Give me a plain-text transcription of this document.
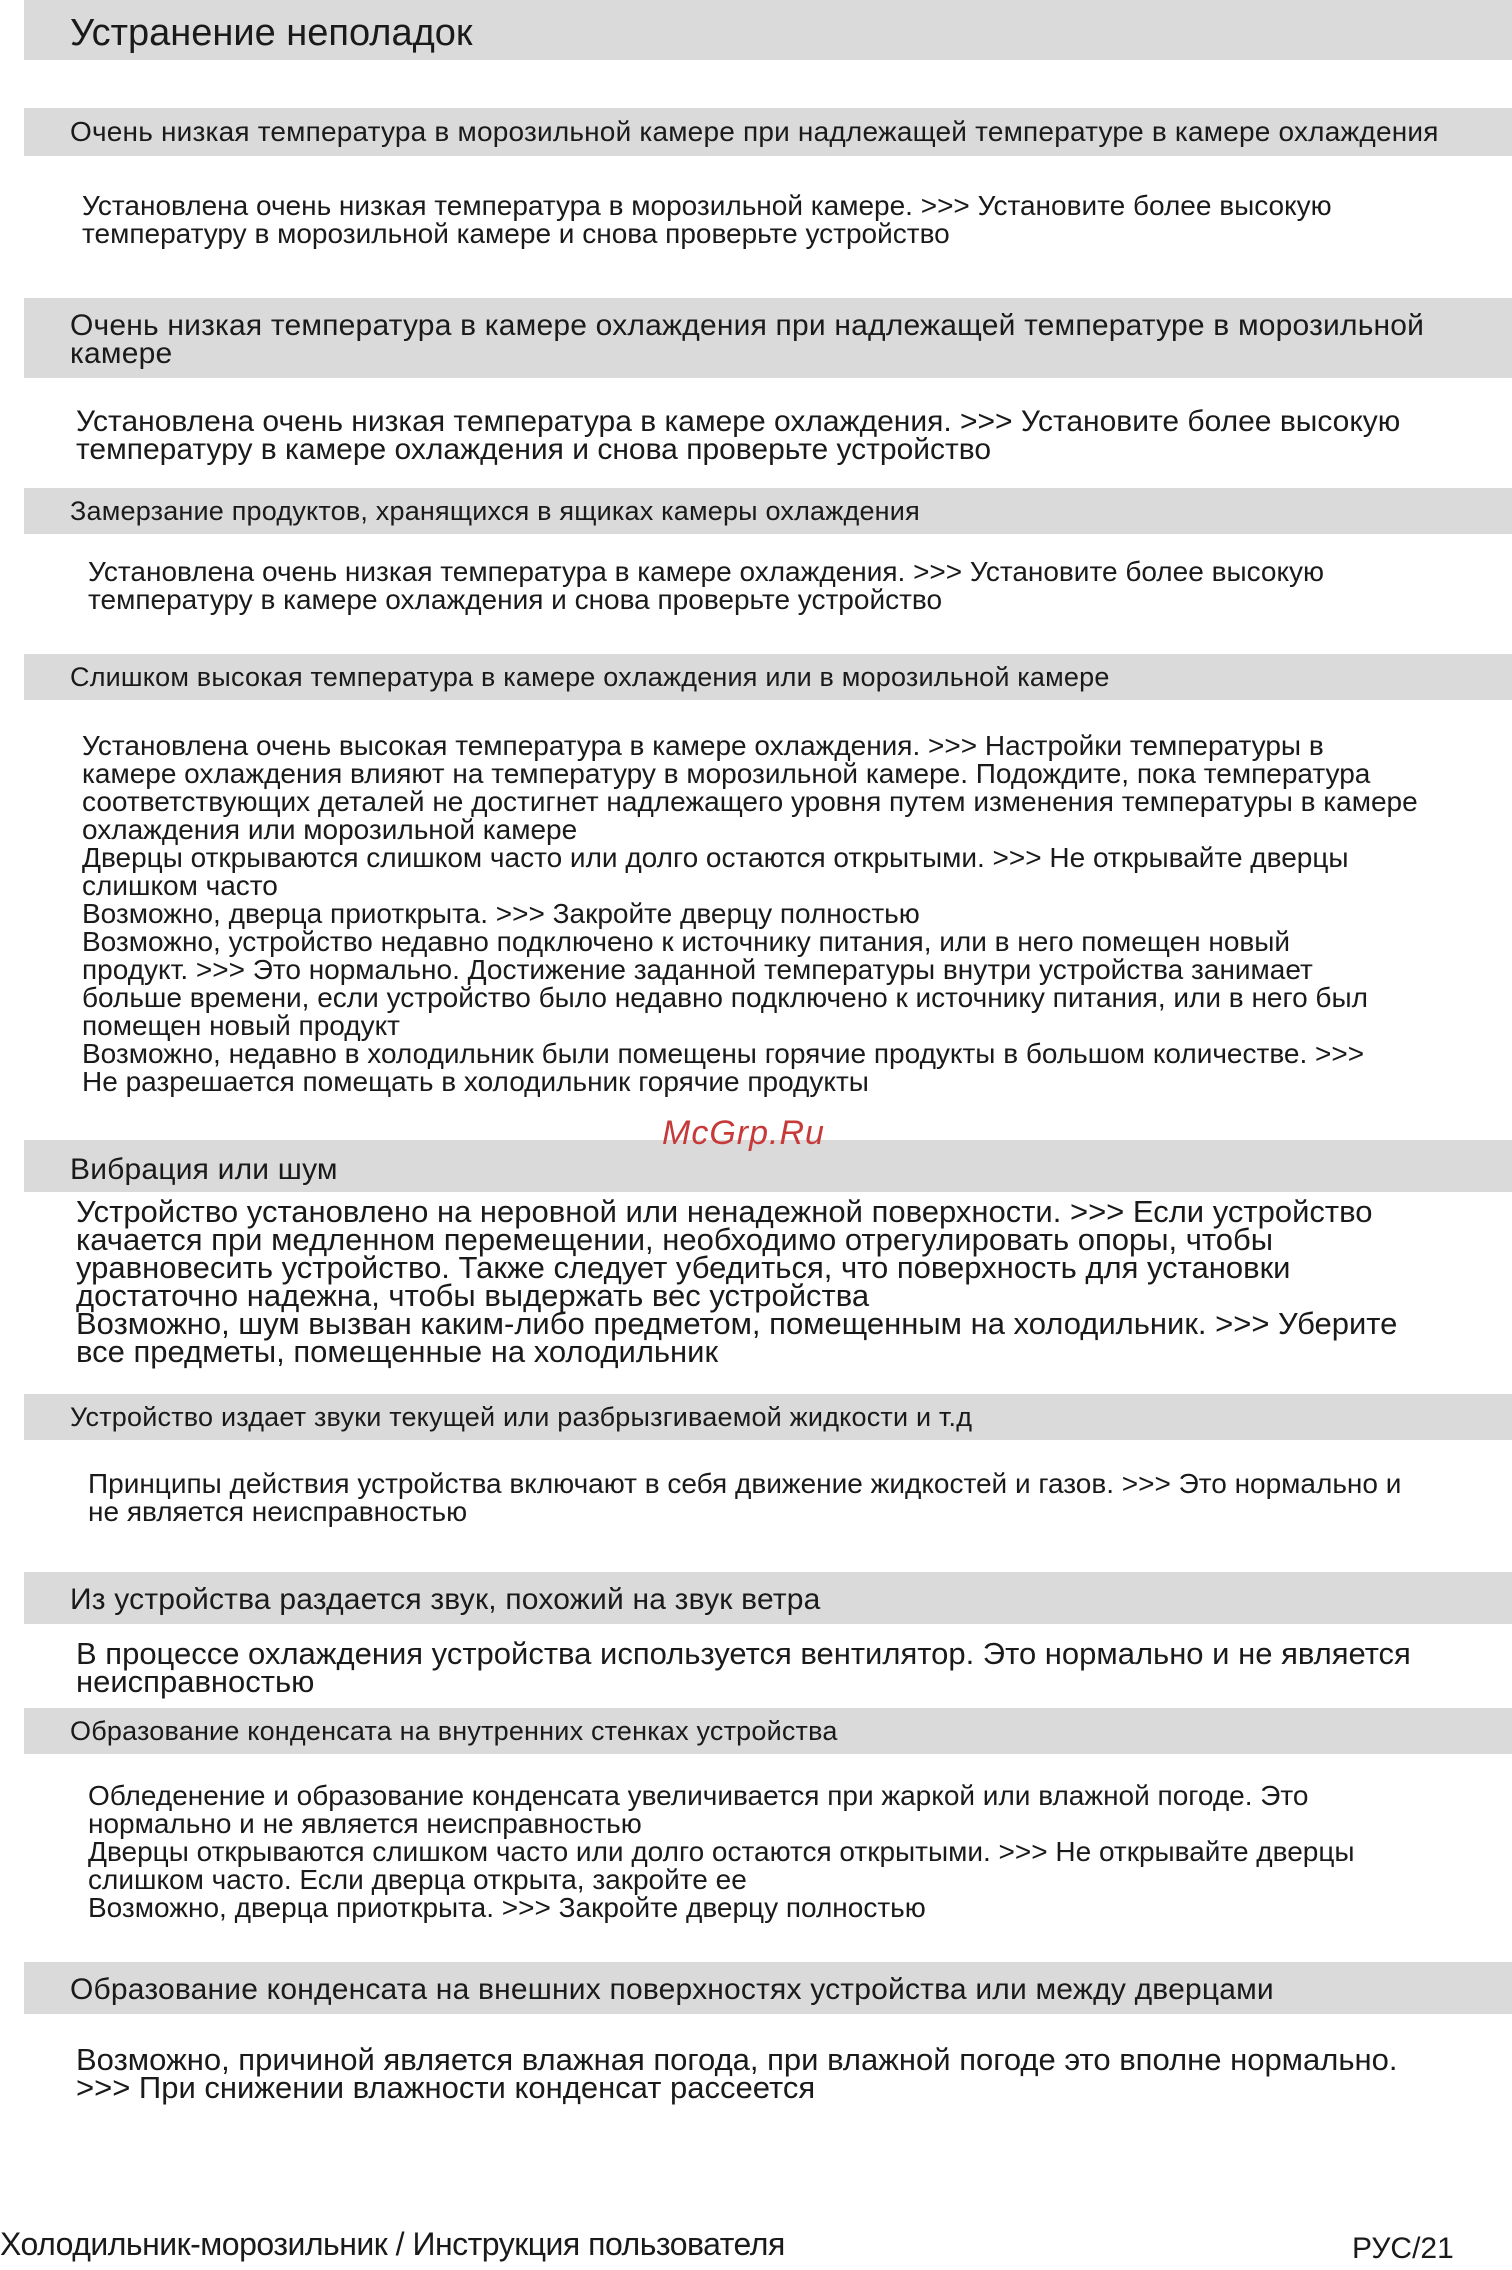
Устранение неполадок

Очень низкая температура в морозильной камере при надлежащей температуре в камере охлаждения

Установлена очень низкая температура в морозильной камере. >>> Установите более высокую
температуру в морозильной камере и снова проверьте устройство
Очень низкая температура в камере охлаждения при надлежащей температуре в морозильной
камере
Установлена очень низкая температура в камере охлаждения. >>> Установите более высокую
температуру в камере охлаждения и снова проверьте устройство

Замерзание продуктов, хранящихся в ящиках камеры охлаждения

Установлена очень низкая температура в камере охлаждения. >>> Установите более высокую
температуру в камере охлаждения и снова проверьте устройство

Слишком высокая температура в камере охлаждения или в морозильной камере

Установлена очень высокая температура в камере охлаждения. >>> Настройки температуры в
камере охлаждения влияют на температуру в морозильной камере. Подождите, пока температура
соответствующих деталей не достигнет надлежащего уровня путем изменения температуры в камере
охлаждения или морозильной камере
Дверцы открываются слишком часто или долго остаются открытыми. >>> Не открывайте дверцы
слишком часто
Возможно, дверца приоткрыта. >>> Закройте дверцу полностью
Возможно, устройство недавно подключено к источнику питания, или в него помещен новый
продукт. >>> Это нормально. Достижение заданной температуры внутри устройства занимает
больше времени, если устройство было недавно подключено к источнику питания, или в него был
помещен новый продукт
Возможно, недавно в холодильник были помещены горячие продукты в большом количестве. >>>
Не разрешается помещать в холодильник горячие продукты

Вибрация или шум

Устройство установлено на неровной или ненадежной поверхности. >>> Если устройство
качается при медленном перемещении, необходимо отрегулировать опоры, чтобы
уравновесить устройство. Также следует убедиться, что поверхность для установки
достаточно надежна, чтобы выдержать вес устройства
Возможно, шум вызван каким-либо предметом, помещенным на холодильник. >>> Уберите
все предметы, помещенные на холодильник

Устройство издает звуки текущей или разбрызгиваемой жидкости и т.д

Принципы действия устройства включают в себя движение жидкостей и газов. >>> Это нормально и
не является неисправностью

Из устройства раздается звук, похожий на звук ветра

В процессе охлаждения устройства используется вентилятор. Это нормально и не является
неисправностью

Образование конденсата на внутренних стенках устройства

Обледенение и образование конденсата увеличивается при жаркой или влажной погоде. Это
нормально и не является неисправностью
Дверцы открываются слишком часто или долго остаются открытыми. >>> Не открывайте дверцы
слишком часто. Если дверца открыта, закройте ее
Возможно, дверца приоткрыта. >>> Закройте дверцу полностью

Образование конденсата на внешних поверхностях устройства или между дверцами

Возможно, причиной является влажная погода, при влажной погоде это вполне нормально.
>>> При снижении влажности конденсат рассеется
McGrp.Ru
Холодильник-морозильник / Инструкция пользователя	РУС/21
